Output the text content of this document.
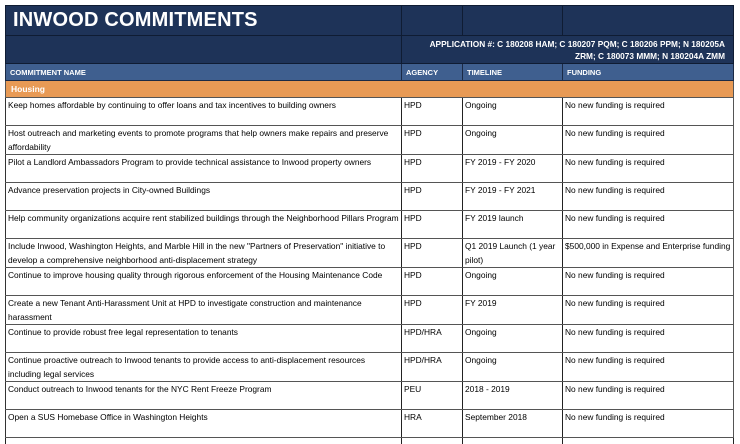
INWOOD COMMITMENTS			

	APPLICATION #: C 180208 HAM; C 180207 PQM; C 180206 PPM; N 180205A ZRM; C 180073 MMM; N 180204A ZMM		

COMMITMENT NAME	AGENCY	TIMELINE	FUNDING
Housing			
Keep homes affordable by continuing to offer loans and tax incentives to building owners	HPD	Ongoing	No new funding is required
Host outreach and marketing events to promote programs that help owners make repairs and preserve affordability	HPD	Ongoing	No new funding is required
Pilot a Landlord Ambassadors Program to provide technical assistance to Inwood property owners	HPD	FY 2019 - FY 2020	No new funding is required
Advance preservation projects in City-owned Buildings	HPD	FY 2019 - FY 2021	No new funding is required
Help community organizations acquire rent stabilized buildings through the Neighborhood Pillars Program	HPD	FY 2019 launch	No new funding is required
Include Inwood, Washington Heights, and Marble Hill in the new "Partners of Preservation" initiative to develop a comprehensive neighborhood anti-displacement strategy	HPD	Q1 2019 Launch (1 year pilot)	$500,000 in Expense and Enterprise funding
Continue to improve housing quality through rigorous enforcement of the Housing Maintenance Code	HPD	Ongoing	No new funding is required
Create a new Tenant Anti-Harassment Unit at HPD to investigate construction and maintenance harassment	HPD	FY 2019	No new funding is required
Continue to provide robust free legal representation to tenants	HPD/HRA	Ongoing	No new funding is required
Continue proactive outreach to Inwood tenants to provide access to anti-displacement resources including legal services	HPD/HRA	Ongoing	No new funding is required
Conduct outreach to Inwood tenants for the NYC Rent Freeze Program	PEU	2018 - 2019	No new funding is required
Open a SUS Homebase Office in Washington Heights	HRA	September 2018	No new funding is required
